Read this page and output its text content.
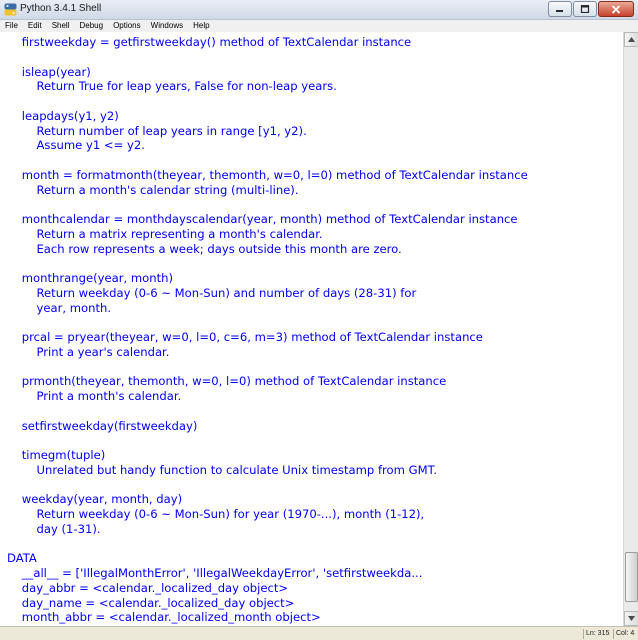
Python 3.4.1 Shell
File	Edit	Shell	Debug	Options	Windows	Help
firstweekday = getfirstweekday() method of TextCalendar instance
isleap(year)
Return True for leap years, False for non-leap years.
leapdays(y1, y2)
Return number of leap years in range [y1, y2).
Assume y1 <= y2.
month = formatmonth(theyear, themonth, w=0, l=0) method of TextCalendar instance
Return a month's calendar string (multi-line).
monthcalendar = monthdayscalendar(year, month) method of TextCalendar instance
Return a matrix representing a month's calendar.
Each row represents a week; days outside this month are zero.
monthrange(year, month)
Return weekday (0-6 ~ Mon-Sun) and number of days (28-31) for
year, month.
prcal = pryear(theyear, w=0, l=0, c=6, m=3) method of TextCalendar instance
Print a year's calendar.
prmonth(theyear, themonth, w=0, l=0) method of TextCalendar instance
Print a month's calendar.
setfirstweekday(firstweekday)
timegm(tuple)
Unrelated but handy function to calculate Unix timestamp from GMT.
weekday(year, month, day)
Return weekday (0-6 ~ Mon-Sun) for year (1970-...), month (1-12),
day (1-31).
DATA
__all__ = ['IllegalMonthError', 'IllegalWeekdayError', 'setfirstweekda...
day_abbr = <calendar._localized_day object>
day_name = <calendar._localized_day object>
month_abbr = <calendar._localized_month object>
Ln: 315 Col: 4
